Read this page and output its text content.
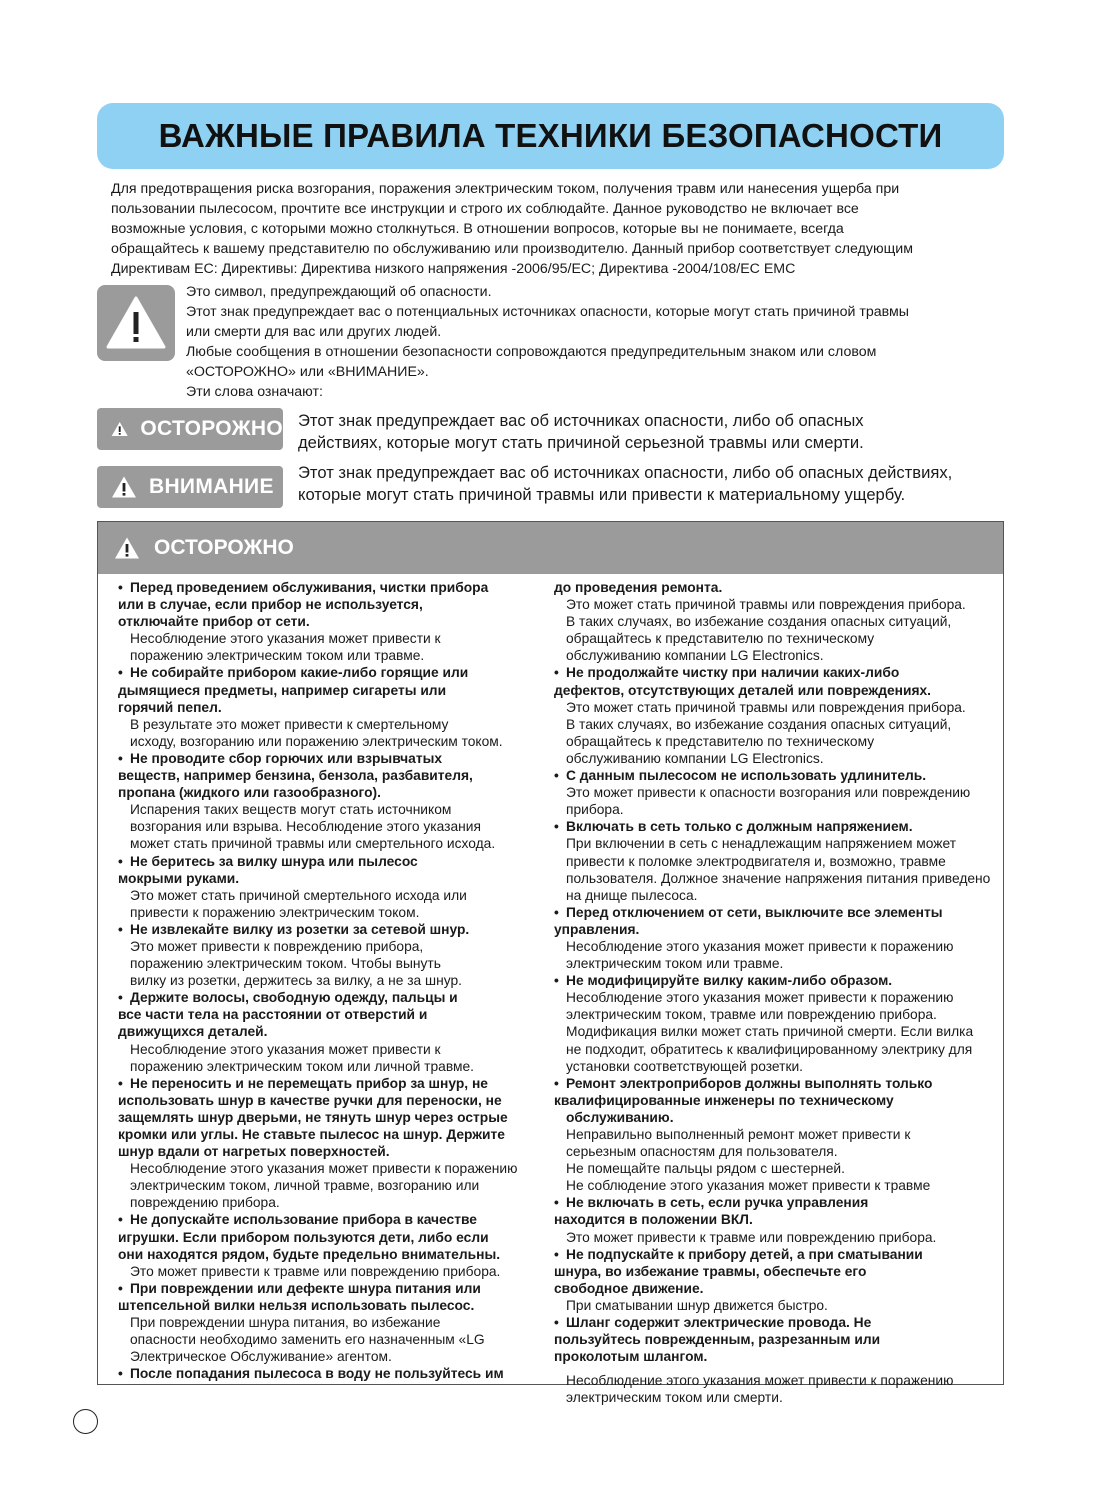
ВАЖНЫЕ ПРАВИЛА ТЕХНИКИ БЕЗОПАСНОСТИ
Для предотвращения риска возгорания, поражения электрическим током, получения травм или нанесения ущерба при
пользовании пылесосом, прочтите все инструкции и строго их соблюдайте. Данное руководство не включает все
возможные условия, с которыми можно столкнуться. В отношении вопросов, которые вы не понимаете, всегда
обращайтесь к вашему представителю по обслуживанию или производителю. Данный прибор соответствует следующим
Директивам ЕС: Директивы: Директива низкого напряжения -2006/95/EC; Директива -2004/108/EC EMC
Это символ, предупреждающий об опасности.
Этот знак предупреждает вас о потенциальных источниках опасности, которые могут стать причиной травмы
или смерти для вас или других людей.
Любые сообщения в отношении безопасности сопровождаются предупредительным знаком или словом
«ОСТОРОЖНО» или «ВНИМАНИЕ».
Эти слова означают:
ОСТОРОЖНО Этот знак предупреждает вас об источниках опасности, либо об опасных
действиях, которые могут стать причиной серьезной травмы или смерти.
ВНИМАНИЕ
Этот знак предупреждает вас об источниках опасности, либо об опасных действиях,
которые могут стать причиной травмы или привести к материальному ущербу.
ОСТОРОЖНО
• Перед проведением обслуживания, чистки прибора
или в случае, если прибор не используется,
отключайте прибор от сети.
Несоблюдение этого указания может привести к
поражению электрическим током или травме.
• Не собирайте прибором какие-либо горящие или
дымящиеся предметы, например сигареты или
горячий пепел.
В результате это может привести к смертельному
исходу, возгоранию или поражению электрическим током.
• Не проводите сбор горючих или взрывчатых
веществ, например бензина, бензола, разбавителя,
пропана (жидкого или газообразного).
Испарения таких веществ могут стать источником
возгорания или взрыва. Несоблюдение этого указания
может стать причиной травмы или смертельного исхода.
• Не беритесь за вилку шнура или пылесос
мокрыми руками.
Это может стать причиной смертельного исхода или
привести к поражению электрическим током.
• Не извлекайте вилку из розетки за сетевой шнур.
Это может привести к повреждению прибора,
поражению электрическим током. Чтобы вынуть
вилку из розетки, держитесь за вилку, а не за шнур.
• Держите волосы, свободную одежду, пальцы и
все части тела на расстоянии от отверстий и
движущихся деталей.
Несоблюдение этого указания может привести к
поражению электрическим током или личной травме.
• Не переносить и не перемещать прибор за шнур, не
использовать шнур в качестве ручки для переноски, не
защемлять шнур дверьми, не тянуть шнур через острые
кромки или углы. Не ставьте пылесос на шнур. Держите
шнур вдали от нагретых поверхностей.
Несоблюдение этого указания может привести к поражению
электрическим током, личной травме, возгоранию или
повреждению прибора.
• Не допускайте использование прибора в качестве
игрушки. Если прибором пользуются дети, либо если
они находятся рядом, будьте предельно внимательны.
Это может привести к травме или повреждению прибора.
• При повреждении или дефекте шнура питания или
штепсельной вилки нельзя использовать пылесос.
При повреждении шнура питания, во избежание
опасности необходимо заменить его назначенным «LG
Электрическое Обслуживание» агентом.
• После попадания пылесоса в воду не пользуйтесь им
до проведения ремонта.
Это может стать причиной травмы или повреждения прибора.
В таких случаях, во избежание создания опасных ситуаций,
обращайтесь к представителю по техническому
обслуживанию компании LG Electronics.
• Не продолжайте чистку при наличии каких-либо
дефектов, отсутствующих деталей или повреждениях.
Это может стать причиной травмы или повреждения прибора.
В таких случаях, во избежание создания опасных ситуаций,
обращайтесь к представителю по техническому
обслуживанию компании LG Electronics.
• С данным пылесосом не использовать удлинитель.
Это может привести к опасности возгорания или повреждению прибора.
• Включать в сеть только с должным напряжением.
При включении в сеть с ненадлежащим напряжением может
привести к поломке электродвигателя и, возможно, травме
пользователя. Должное значение напряжения питания приведено
на днище пылесоса.
• Перед отключением от сети, выключите все элементы
управления.
Несоблюдение этого указания может привести к поражению
электрическим током или травме.
• Не модифицируйте вилку каким-либо образом.
Несоблюдение этого указания может привести к поражению
электрическим током, травме или повреждению прибора.
Модификация вилки может стать причиной смерти. Если вилка
не подходит, обратитесь к квалифицированному электрику для
установки соответствующей розетки.
• Ремонт электроприборов должны выполнять только
квалифицированные инженеры по техническому обслуживанию.
Неправильно выполненный ремонт может привести к
серьезным опасностям для пользователя.
Не помещайте пальцы рядом с шестерней.
Не соблюдение этого указания может привести к травме
• Не включать в сеть, если ручка управления
находится в положении ВКЛ.
Это может привести к травме или повреждению прибора.
• Не подпускайте к прибору детей, а при сматывании
шнура, во избежание травмы, обеспечьте его
свободное движение.
При сматывании шнур движется быстро.
• Шланг содержит электрические провода. Не
пользуйтесь поврежденным, разрезанным или
проколотым шлангом.
Несоблюдение этого указания может привести к поражению
электрическим током или смерти.
